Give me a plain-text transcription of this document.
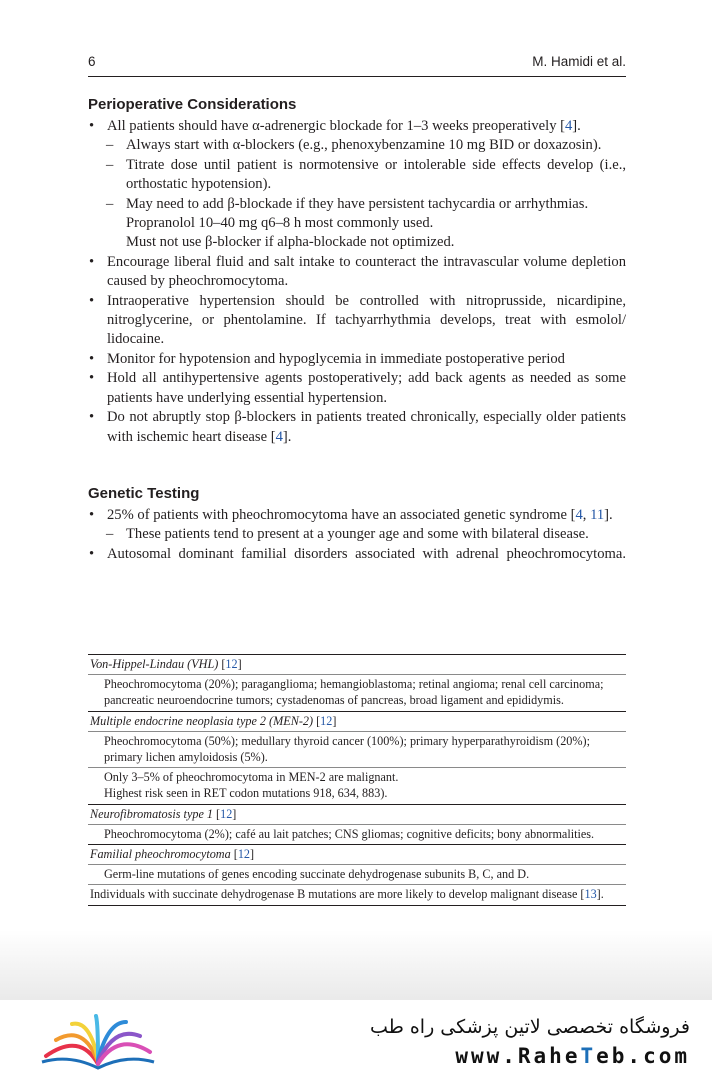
6	M. Hamidi et al.
Perioperative Considerations
• All patients should have α-adrenergic blockade for 1–3 weeks preoperatively [4].
– Always start with α-blockers (e.g., phenoxybenzamine 10 mg BID or doxazosin).
– Titrate dose until patient is normotensive or intolerable side effects develop (i.e., orthostatic hypotension).
– May need to add β-blockade if they have persistent tachycardia or arrhythmias.
Propranolol 10–40 mg q6–8 h most commonly used.
Must not use β-blocker if alpha-blockade not optimized.
• Encourage liberal fluid and salt intake to counteract the intravascular volume depletion caused by pheochromocytoma.
• Intraoperative hypertension should be controlled with nitroprusside, nicardipine, nitroglycerine, or phentolamine. If tachyarrhythmia develops, treat with esmolol/ lidocaine.
• Monitor for hypotension and hypoglycemia in immediate postoperative period
• Hold all antihypertensive agents postoperatively; add back agents as needed as some patients have underlying essential hypertension.
• Do not abruptly stop β-blockers in patients treated chronically, especially older patients with ischemic heart disease [4].
Genetic Testing
• 25% of patients with pheochromocytoma have an associated genetic syndrome [4, 11].
– These patients tend to present at a younger age and some with bilateral disease.
• Autosomal dominant familial disorders associated with adrenal pheochromocytoma.
Von-Hippel-Lindau (VHL) [12]
Pheochromocytoma (20%); paraganglioma; hemangioblastoma; retinal angioma; renal cell carcinoma; pancreatic neuroendocrine tumors; cystadenomas of pancreas, broad ligament and epididymis.
Multiple endocrine neoplasia type 2 (MEN-2) [12]
Pheochromocytoma (50%); medullary thyroid cancer (100%); primary hyperparathyroidism (20%); primary lichen amyloidosis (5%).

Only 3–5% of pheochromocytoma in MEN-2 are malignant.
Highest risk seen in RET codon mutations 918, 634, 883).

Neurofibromatosis type 1 [12]
Pheochromocytoma (2%); café au lait patches; CNS gliomas; cognitive deficits; bony abnormalities.
Familial pheochromocytoma [12]
Germ-line mutations of genes encoding succinate dehydrogenase subunits B, C, and D.
Individuals with succinate dehydrogenase B mutations are more likely to develop malignant disease [13].
فروشگاه تخصصی لاتین پزشکی راه طب
www.RaheTeb.com
